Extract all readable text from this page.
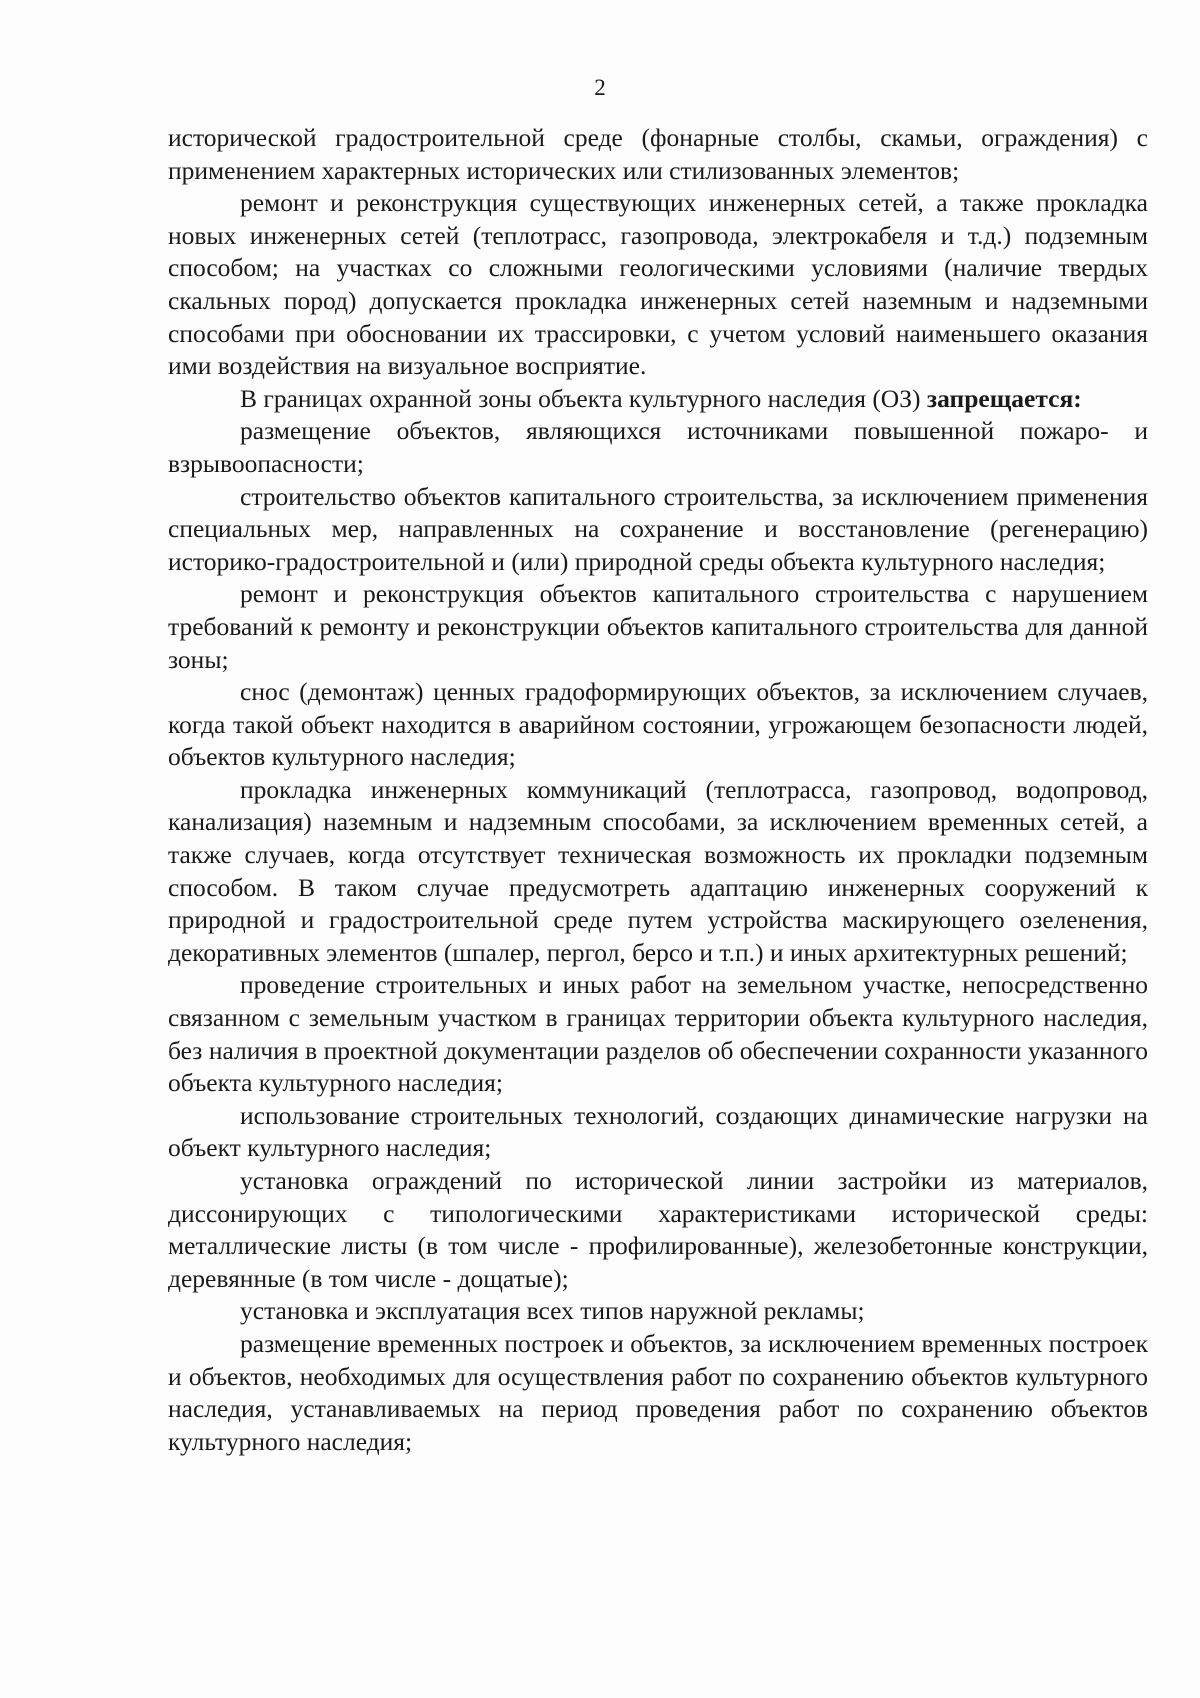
2

исторической градостроительной среде (фонарные столбы, скамьи, ограждения) с применением характерных исторических или стилизованных элементов;

ремонт и реконструкция существующих инженерных сетей, а также прокладка новых инженерных сетей (теплотрасс, газопровода, электрокабеля и т.д.) подземным способом; на участках со сложными геологическими условиями (наличие твердых скальных пород) допускается прокладка инженерных сетей наземным и надземными способами при обосновании их трассировки, с учетом условий наименьшего оказания ими воздействия на визуальное восприятие.

В границах охранной зоны объекта культурного наследия (ОЗ) запрещается:

размещение объектов, являющихся источниками повышенной пожаро- и взрывоопасности;

строительство объектов капитального строительства, за исключением применения специальных мер, направленных на сохранение и восстановление (регенерацию) историко-градостроительной и (или) природной среды объекта культурного наследия;

ремонт и реконструкция объектов капитального строительства с нарушением требований к ремонту и реконструкции объектов капитального строительства для данной зоны;

снос (демонтаж) ценных градоформирующих объектов, за исключением случаев, когда такой объект находится в аварийном состоянии, угрожающем безопасности людей, объектов культурного наследия;

прокладка инженерных коммуникаций (теплотрасса, газопровод, водопровод, канализация) наземным и надземным способами, за исключением временных сетей, а также случаев, когда отсутствует техническая возможность их прокладки подземным способом. В таком случае предусмотреть адаптацию инженерных сооружений к природной и градостроительной среде путем устройства маскирующего озеленения, декоративных элементов (шпалер, пергол, берсо и т.п.) и иных архитектурных решений;

проведение строительных и иных работ на земельном участке, непосредственно связанном с земельным участком в границах территории объекта культурного наследия, без наличия в проектной документации разделов об обеспечении сохранности указанного объекта культурного наследия;

использование строительных технологий, создающих динамические нагрузки на объект культурного наследия;

установка ограждений по исторической линии застройки из материалов, диссонирующих с типологическими характеристиками исторической среды: металлические листы (в том числе - профилированные), железобетонные конструкции, деревянные (в том числе - дощатые);

установка и эксплуатация всех типов наружной рекламы;

размещение временных построек и объектов, за исключением временных построек и объектов, необходимых для осуществления работ по сохранению объектов культурного наследия, устанавливаемых на период проведения работ по сохранению объектов культурного наследия;
